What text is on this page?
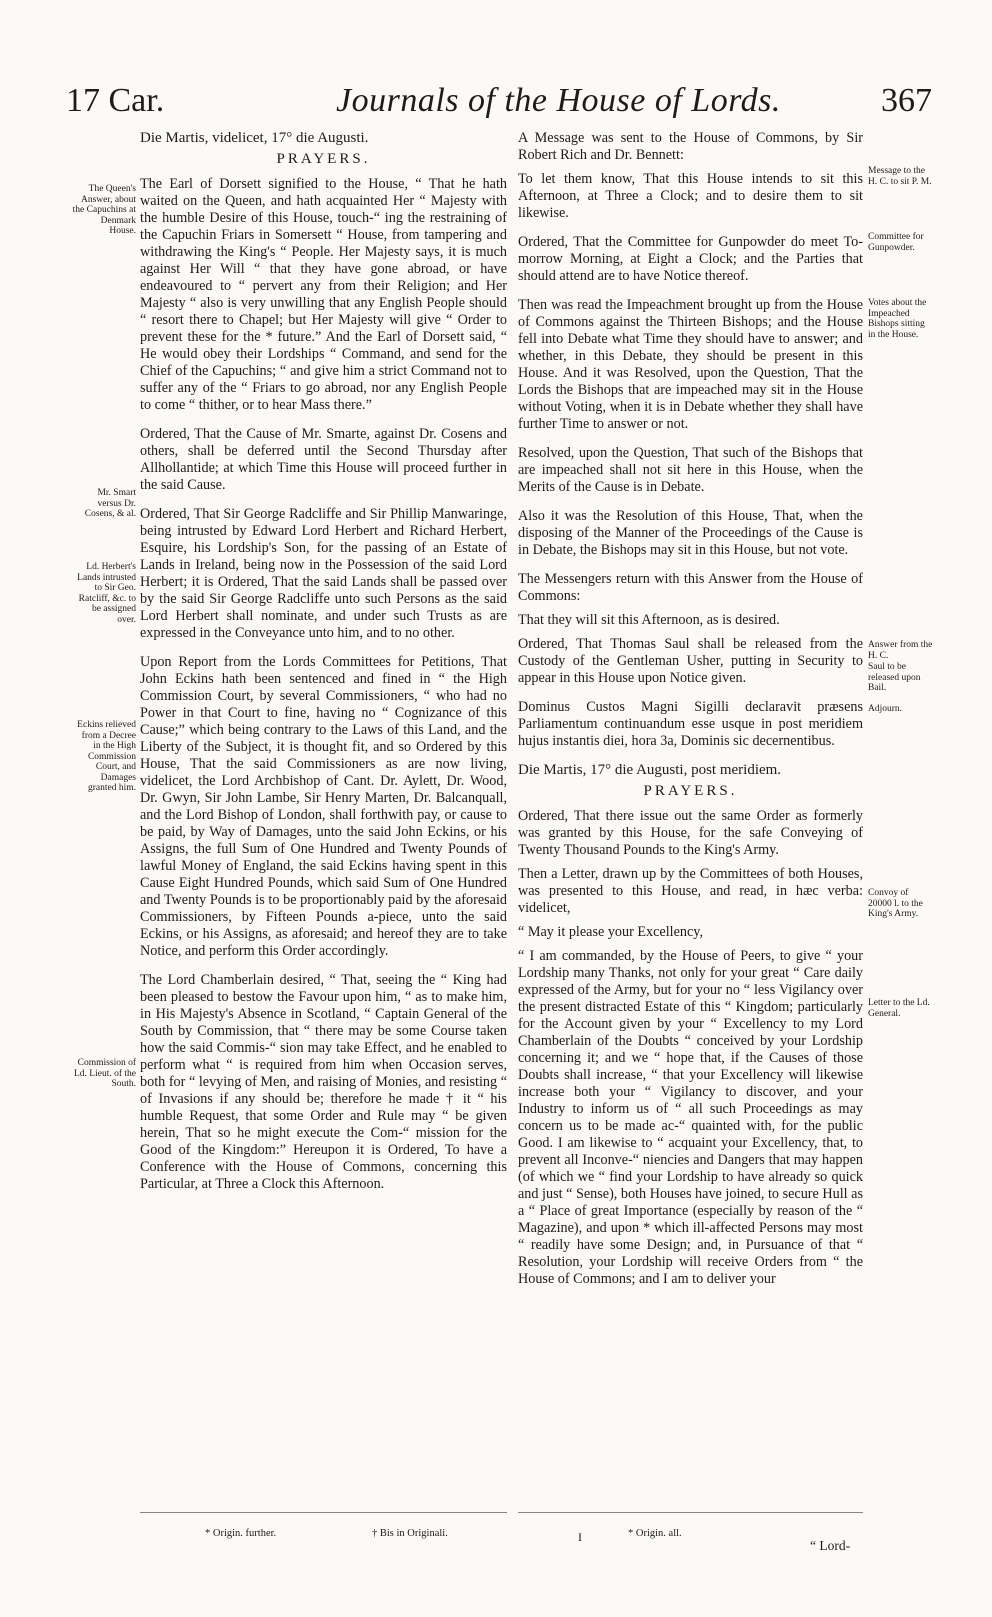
17 Car.	Journals of the House of Lords.	367
The Queen's Answer, about the Capuchins at Denmark House.
Mr. Smart versus Dr. Cosens, & al.
Ld. Herbert's Lands intrusted to Sir Geo. Ratcliff, &c. to be assigned over.
Eckins relieved from a Decree in the High Commission Court, and Damages granted him.
Commission of Ld. Lieut. of the South.
Die Martis, videlicet, 17° die Augusti.
PRAYERS.

The Earl of Dorsett signified to the House, “ That he hath waited on the Queen, and hath acquainted Her “ Majesty with the humble Desire of this House, touch-“ ing the restraining of the Capuchin Friars in Somersett “ House, from tampering and withdrawing the King's “ People. Her Majesty says, it is much against Her Will “ that they have gone abroad, or have endeavoured to “ pervert any from their Religion; and Her Majesty “ also is very unwilling that any English People should “ resort there to Chapel; but Her Majesty will give “ Order to prevent these for the * future.” And the Earl of Dorsett said, “ He would obey their Lordships “ Command, and send for the Chief of the Capuchins; “ and give him a strict Command not to suffer any of the “ Friars to go abroad, nor any English People to come “ thither, or to hear Mass there.”

Ordered, That the Cause of Mr. Smarte, against Dr. Cosens and others, shall be deferred until the Second Thursday after Allhollantide; at which Time this House will proceed further in the said Cause.

Ordered, That Sir George Radcliffe and Sir Phillip Manwaringe, being intrusted by Edward Lord Herbert and Richard Herbert, Esquire, his Lordship's Son, for the passing of an Estate of Lands in Ireland, being now in the Possession of the said Lord Herbert; it is Ordered, That the said Lands shall be passed over by the said Sir George Radcliffe unto such Persons as the said Lord Herbert shall nominate, and under such Trusts as are expressed in the Conveyance unto him, and to no other.

Upon Report from the Lords Committees for Petitions, That John Eckins hath been sentenced and fined in “ the High Commission Court, by several Commissioners, “ who had no Power in that Court to fine, having no “ Cognizance of this Cause;” which being contrary to the Laws of this Land, and the Liberty of the Subject, it is thought fit, and so Ordered by this House, That the said Commissioners as are now living, videlicet, the Lord Archbishop of Cant. Dr. Aylett, Dr. Wood, Dr. Gwyn, Sir John Lambe, Sir Henry Marten, Dr. Balcanquall, and the Lord Bishop of London, shall forthwith pay, or cause to be paid, by Way of Damages, unto the said John Eckins, or his Assigns, the full Sum of One Hundred and Twenty Pounds of lawful Money of England, the said Eckins having spent in this Cause Eight Hundred Pounds, which said Sum of One Hundred and Twenty Pounds is to be proportionably paid by the aforesaid Commissioners, by Fifteen Pounds a-piece, unto the said Eckins, or his Assigns, as aforesaid; and hereof they are to take Notice, and perform this Order accordingly.

The Lord Chamberlain desired, “ That, seeing the “ King had been pleased to bestow the Favour upon him, “ as to make him, in His Majesty's Absence in Scotland, “ Captain General of the South by Commission, that “ there may be some Course taken how the said Commis-“ sion may take Effect, and he enabled to perform what “ is required from him when Occasion serves, both for “ levying of Men, and raising of Monies, and resisting “ of Invasions if any should be; therefore he made † it “ his humble Request, that some Order and Rule may “ be given herein, That so he might execute the Com-“ mission for the Good of the Kingdom:” Hereupon it is Ordered, To have a Conference with the House of Commons, concerning this Particular, at Three a Clock this Afternoon.

A Message was sent to the House of Commons, by Sir Robert Rich and Dr. Bennett:

To let them know, That this House intends to sit this Afternoon, at Three a Clock; and to desire them to sit likewise.

Ordered, That the Committee for Gunpowder do meet To-morrow Morning, at Eight a Clock; and the Parties that should attend are to have Notice thereof.

Then was read the Impeachment brought up from the House of Commons against the Thirteen Bishops; and the House fell into Debate what Time they should have to answer; and whether, in this Debate, they should be present in this House. And it was Resolved, upon the Question, That the Lords the Bishops that are impeached may sit in the House without Voting, when it is in Debate whether they shall have further Time to answer or not.

Resolved, upon the Question, That such of the Bishops that are impeached shall not sit here in this House, when the Merits of the Cause is in Debate.

Also it was the Resolution of this House, That, when the disposing of the Manner of the Proceedings of the Cause is in Debate, the Bishops may sit in this House, but not vote.

The Messengers return with this Answer from the House of Commons:

That they will sit this Afternoon, as is desired.

Ordered, That Thomas Saul shall be released from the Custody of the Gentleman Usher, putting in Security to appear in this House upon Notice given.

Dominus Custos Magni Sigilli declaravit præsens Parliamentum continuandum esse usque in post meridiem hujus instantis diei, hora 3a, Dominis sic decernentibus.

Die Martis, 17° die Augusti, post meridiem.
PRAYERS.

Ordered, That there issue out the same Order as formerly was granted by this House, for the safe Conveying of Twenty Thousand Pounds to the King's Army.

Then a Letter, drawn up by the Committees of both Houses, was presented to this House, and read, in hæc verba: videlicet,

“ May it please your Excellency,

“ I am commanded, by the House of Peers, to give “ your Lordship many Thanks, not only for your great “ Care daily expressed of the Army, but for your no “ less Vigilancy over the present distracted Estate of this “ Kingdom; particularly for the Account given by your “ Excellency to my Lord Chamberlain of the Doubts “ conceived by your Lordship concerning it; and we “ hope that, if the Causes of those Doubts shall increase, “ that your Excellency will likewise increase both your “ Vigilancy to discover, and your Industry to inform us of “ all such Proceedings as may concern us to be made ac-“ quainted with, for the public Good. I am likewise to “ acquaint your Excellency, that, to prevent all Inconve-“ niencies and Dangers that may happen (of which we “ find your Lordship to have already so quick and just “ Sense), both Houses have joined, to secure Hull as a “ Place of great Importance (especially by reason of the “ Magazine), and upon * which ill-affected Persons may most “ readily have some Design; and, in Pursuance of that “ Resolution, your Lordship will receive Orders from “ the House of Commons; and I am to deliver your

Message to the H. C. to sit P. M.
Committee for Gunpowder.
Votes about the Impeached Bishops sitting in the House.
Answer from the H. C.
Saul to be released upon Bail.
Adjourn.
Convoy of 20000 l. to the King's Army.
Letter to the Ld. General.
* Origin. further.	† Bis in Originali.	I	* Origin. all.
“ Lord-
